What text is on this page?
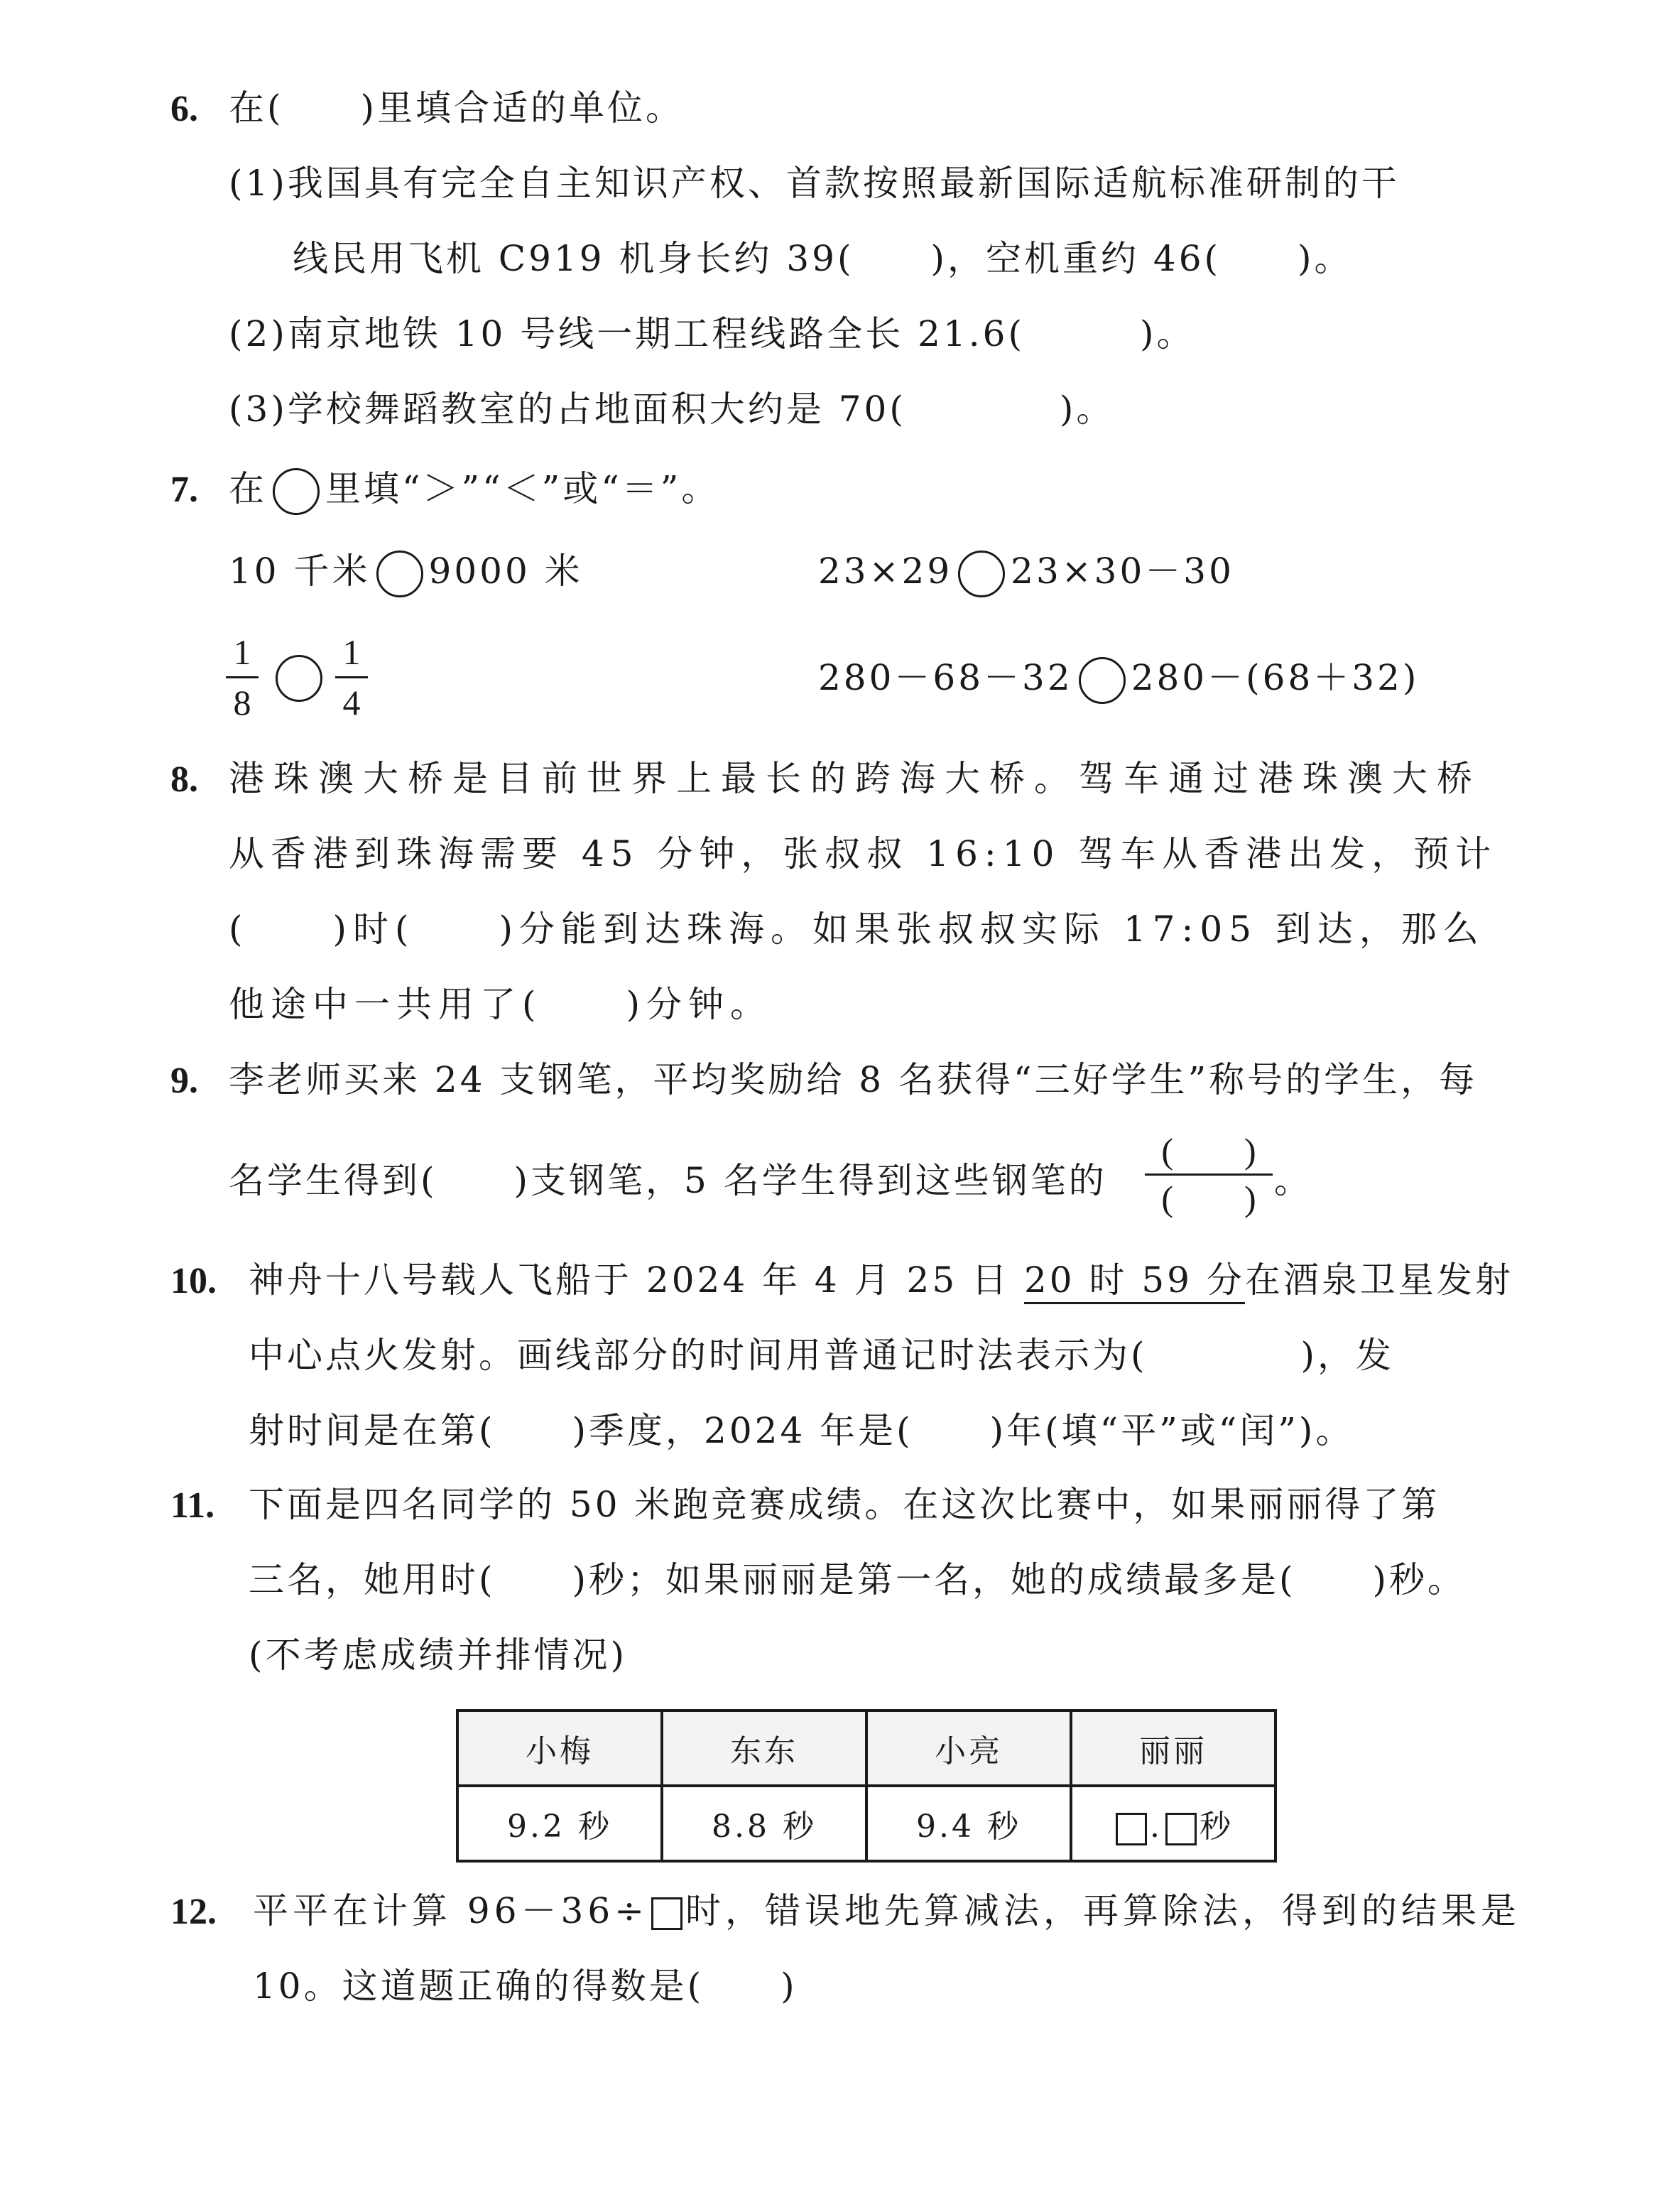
6. 在(　　)里填合适的单位。
(1)我国具有完全自主知识产权、首款按照最新国际适航标准研制的干
线民用飞机 C919 机身长约 39(　　)，空机重约 46(　　)。
(2)南京地铁 10 号线一期工程线路全长 21.6(　　　)。
(3)学校舞蹈教室的占地面积大约是 70(　　　　)。
7. 在 里填“＞”“＜”或“＝”。
10 千米 9000 米	23×29 23×30－30
1
8
1
4
280－68－32 280－(68＋32)
8. 港珠澳大桥是目前世界上最长的跨海大桥。驾车通过港珠澳大桥
从香港到珠海需要 45 分钟，张叔叔 16:10 驾车从香港出发，预计
(　　)时(　　)分能到达珠海。如果张叔叔实际 17:05 到达，那么
他途中一共用了(　　)分钟。
9. 李老师买来 24 支钢笔，平均奖励给 8 名获得“三好学生”称号的学生，每
名学生得到(　　)支钢笔，5 名学生得到这些钢笔的
(　　)
(　　) 。
10. 神舟十八号载人飞船于 2024 年 4 月 25 日 20 时 59 分在酒泉卫星发射
中心点火发射。画线部分的时间用普通记时法表示为(　　　　)，发
射时间是在第(　　)季度，2024 年是(　　)年(填“平”或“闰”)。
11. 下面是四名同学的 50 米跑竞赛成绩。在这次比赛中，如果丽丽得了第
三名，她用时(　　)秒；如果丽丽是第一名，她的成绩最多是(　　)秒。
(不考虑成绩并排情况)
小梅	东东	小亮	丽丽
9.2 秒	8.8 秒	9.4 秒	. 秒
12. 平平在计算 96－36÷ 时，错误地先算减法，再算除法，得到的结果是
10。这道题正确的得数是(　　)
